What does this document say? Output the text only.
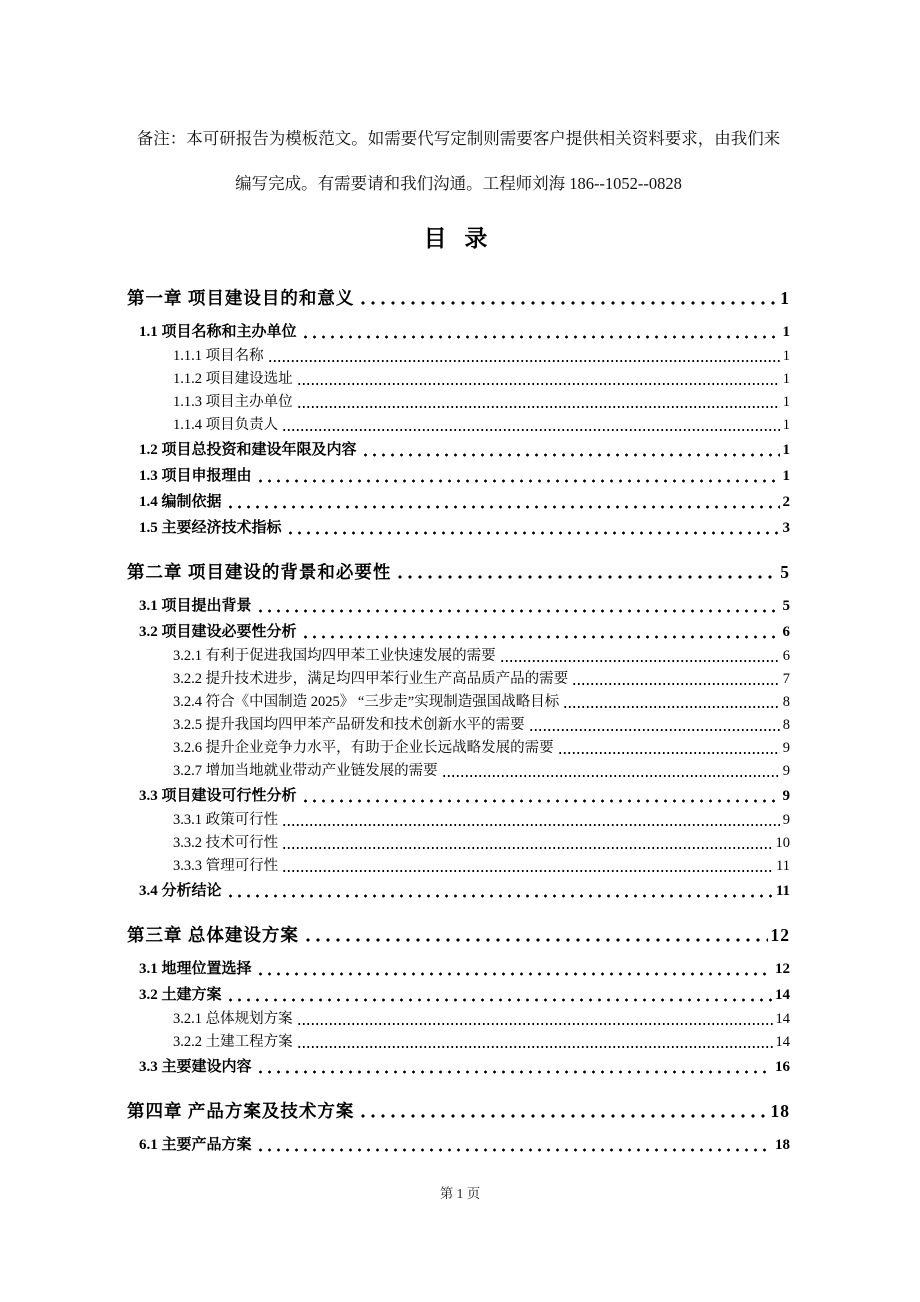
备注：本可研报告为模板范文。如需要代写定制则需要客户提供相关资料要求，由我们来
编写完成。有需要请和我们沟通。工程师刘海 186--1052--0828
目 录
第一章 项目建设目的和意义	1
1.1 项目名称和主办单位	1
1.1.1 项目名称	1
1.1.2 项目建设选址	1
1.1.3 项目主办单位	1
1.1.4 项目负责人	1
1.2 项目总投资和建设年限及内容	1
1.3 项目申报理由	1
1.4 编制依据	2
1.5 主要经济技术指标	3
第二章 项目建设的背景和必要性	5
3.1 项目提出背景	5
3.2 项目建设必要性分析	6
3.2.1 有利于促进我国均四甲苯工业快速发展的需要	6
3.2.2 提升技术进步，满足均四甲苯行业生产高品质产品的需要	7
3.2.4 符合《中国制造 2025》 “三步走”实现制造强国战略目标	8
3.2.5 提升我国均四甲苯产品研发和技术创新水平的需要	8
3.2.6 提升企业竞争力水平，有助于企业长远战略发展的需要	9
3.2.7 增加当地就业带动产业链发展的需要	9
3.3 项目建设可行性分析	9
3.3.1 政策可行性	9
3.3.2 技术可行性	10
3.3.3 管理可行性	11
3.4 分析结论	11
第三章 总体建设方案	12
3.1 地理位置选择	12
3.2 土建方案	14
3.2.1 总体规划方案	14
3.2.2 土建工程方案	14
3.3 主要建设内容	16
第四章 产品方案及技术方案	18
6.1 主要产品方案	18
第 1 页
